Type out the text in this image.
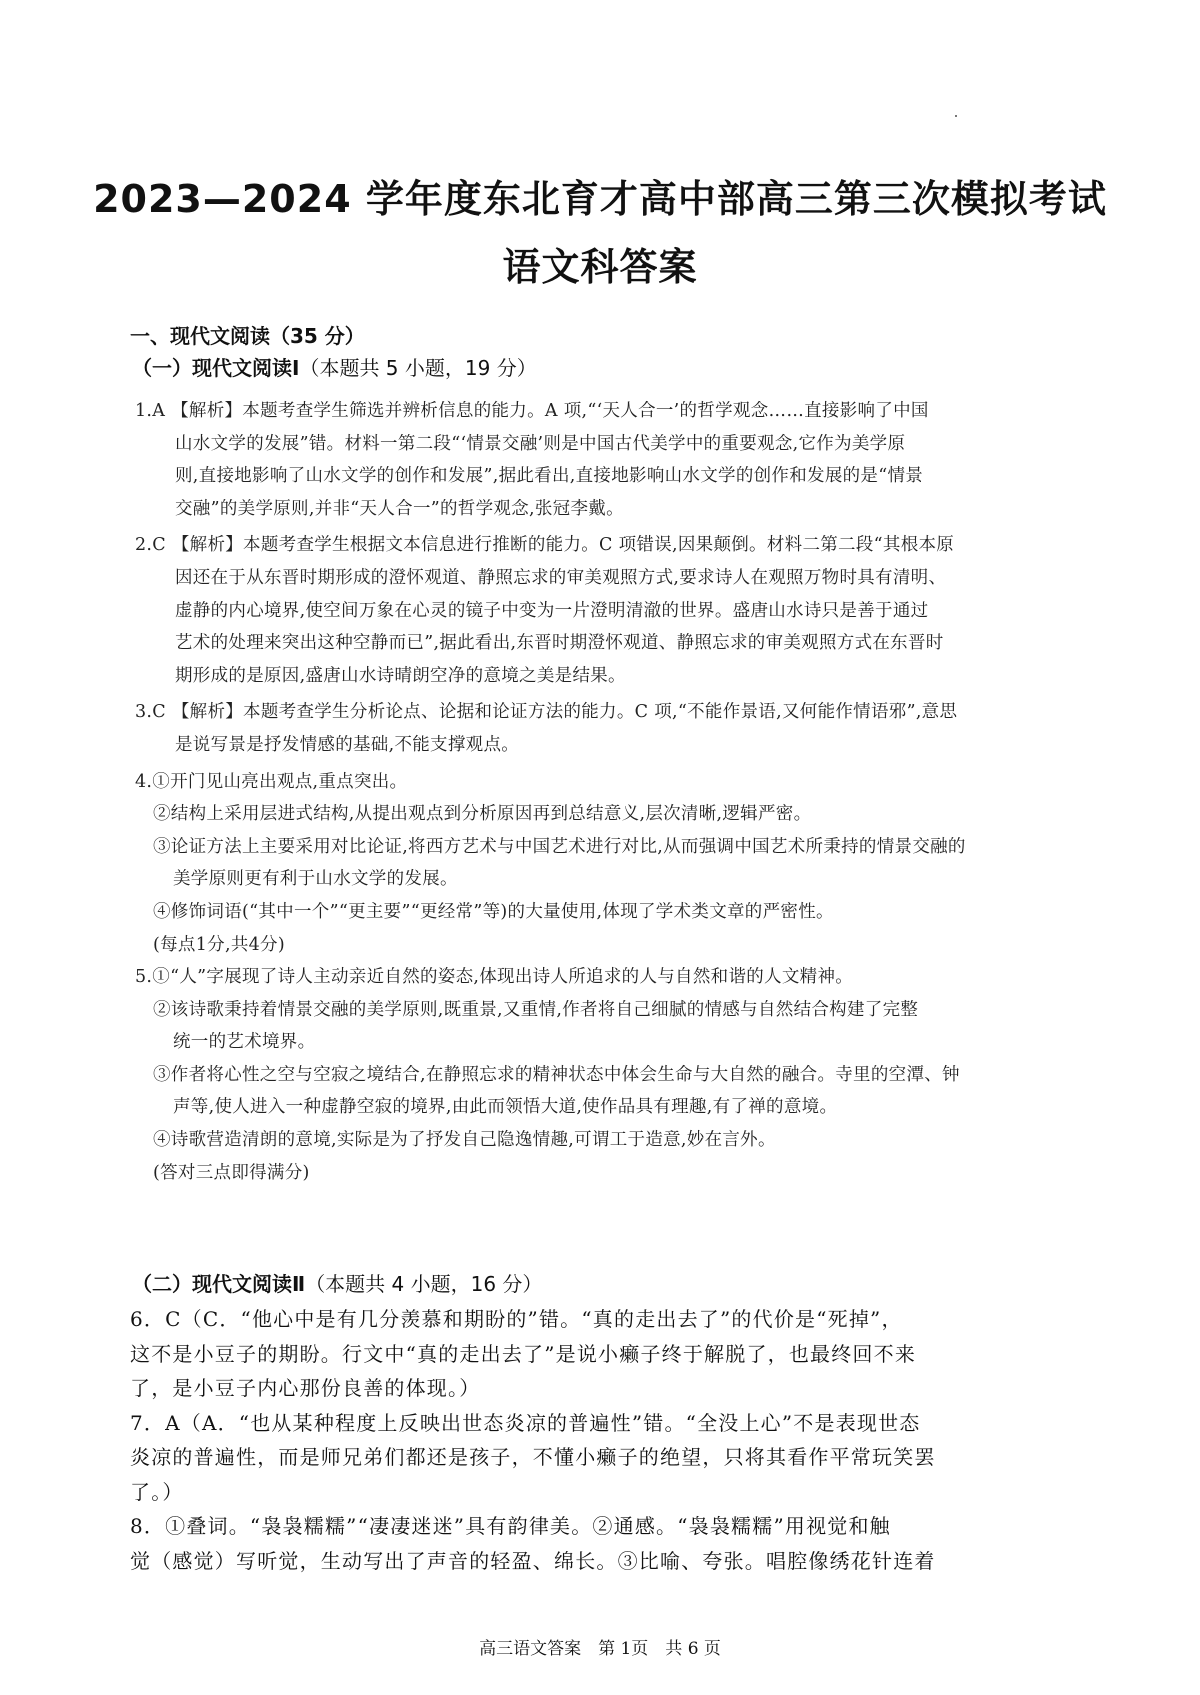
2023—2024 学年度东北育才高中部高三第三次模拟考试
语文科答案
一、现代文阅读（35 分）
（一）现代文阅读Ⅰ（本题共 5 小题，19 分）
1.A 【解析】本题考查学生筛选并辨析信息的能力。A 项,“‘天人合一’的哲学观念……直接影响了中国
山水文学的发展”错。材料一第二段“‘情景交融’则是中国古代美学中的重要观念,它作为美学原
则,直接地影响了山水文学的创作和发展”,据此看出,直接地影响山水文学的创作和发展的是“情景
交融”的美学原则,并非“天人合一”的哲学观念,张冠李戴。
2.C 【解析】本题考查学生根据文本信息进行推断的能力。C 项错误,因果颠倒。材料二第二段“其根本原
因还在于从东晋时期形成的澄怀观道、静照忘求的审美观照方式,要求诗人在观照万物时具有清明、
虚静的内心境界,使空间万象在心灵的镜子中变为一片澄明清澈的世界。盛唐山水诗只是善于通过
艺术的处理来突出这种空静而已”,据此看出,东晋时期澄怀观道、静照忘求的审美观照方式在东晋时
期形成的是原因,盛唐山水诗晴朗空净的意境之美是结果。
3.C 【解析】本题考查学生分析论点、论据和论证方法的能力。C 项,“不能作景语,又何能作情语邪”,意思
是说写景是抒发情感的基础,不能支撑观点。
4.①开门见山亮出观点,重点突出。
②结构上采用层进式结构,从提出观点到分析原因再到总结意义,层次清晰,逻辑严密。
③论证方法上主要采用对比论证,将西方艺术与中国艺术进行对比,从而强调中国艺术所秉持的情景交融的
美学原则更有利于山水文学的发展。
④修饰词语(“其中一个”“更主要”“更经常”等)的大量使用,体现了学术类文章的严密性。
(每点1分,共4分)
5.①“人”字展现了诗人主动亲近自然的姿态,体现出诗人所追求的人与自然和谐的人文精神。
②该诗歌秉持着情景交融的美学原则,既重景,又重情,作者将自己细腻的情感与自然结合构建了完整
统一的艺术境界。
③作者将心性之空与空寂之境结合,在静照忘求的精神状态中体会生命与大自然的融合。寺里的空潭、钟
声等,使人进入一种虚静空寂的境界,由此而领悟大道,使作品具有理趣,有了禅的意境。
④诗歌营造清朗的意境,实际是为了抒发自己隐逸情趣,可谓工于造意,妙在言外。
(答对三点即得满分)
（二）现代文阅读Ⅱ（本题共 4 小题，16 分）
6．C（C．“他心中是有几分羡慕和期盼的”错。“真的走出去了”的代价是“死掉”，
这不是小豆子的期盼。行文中“真的走出去了”是说小癞子终于解脱了，也最终回不来
了，是小豆子内心那份良善的体现。）
7．A（A．“也从某种程度上反映出世态炎凉的普遍性”错。“全没上心”不是表现世态
炎凉的普遍性，而是师兄弟们都还是孩子，不懂小癞子的绝望，只将其看作平常玩笑罢
了。）
8．①叠词。“袅袅糯糯”“凄凄迷迷”具有韵律美。②通感。“袅袅糯糯”用视觉和触
觉（感觉）写听觉，生动写出了声音的轻盈、绵长。③比喻、夸张。唱腔像绣花针连着
高三语文答案　第 1页　共 6 页
